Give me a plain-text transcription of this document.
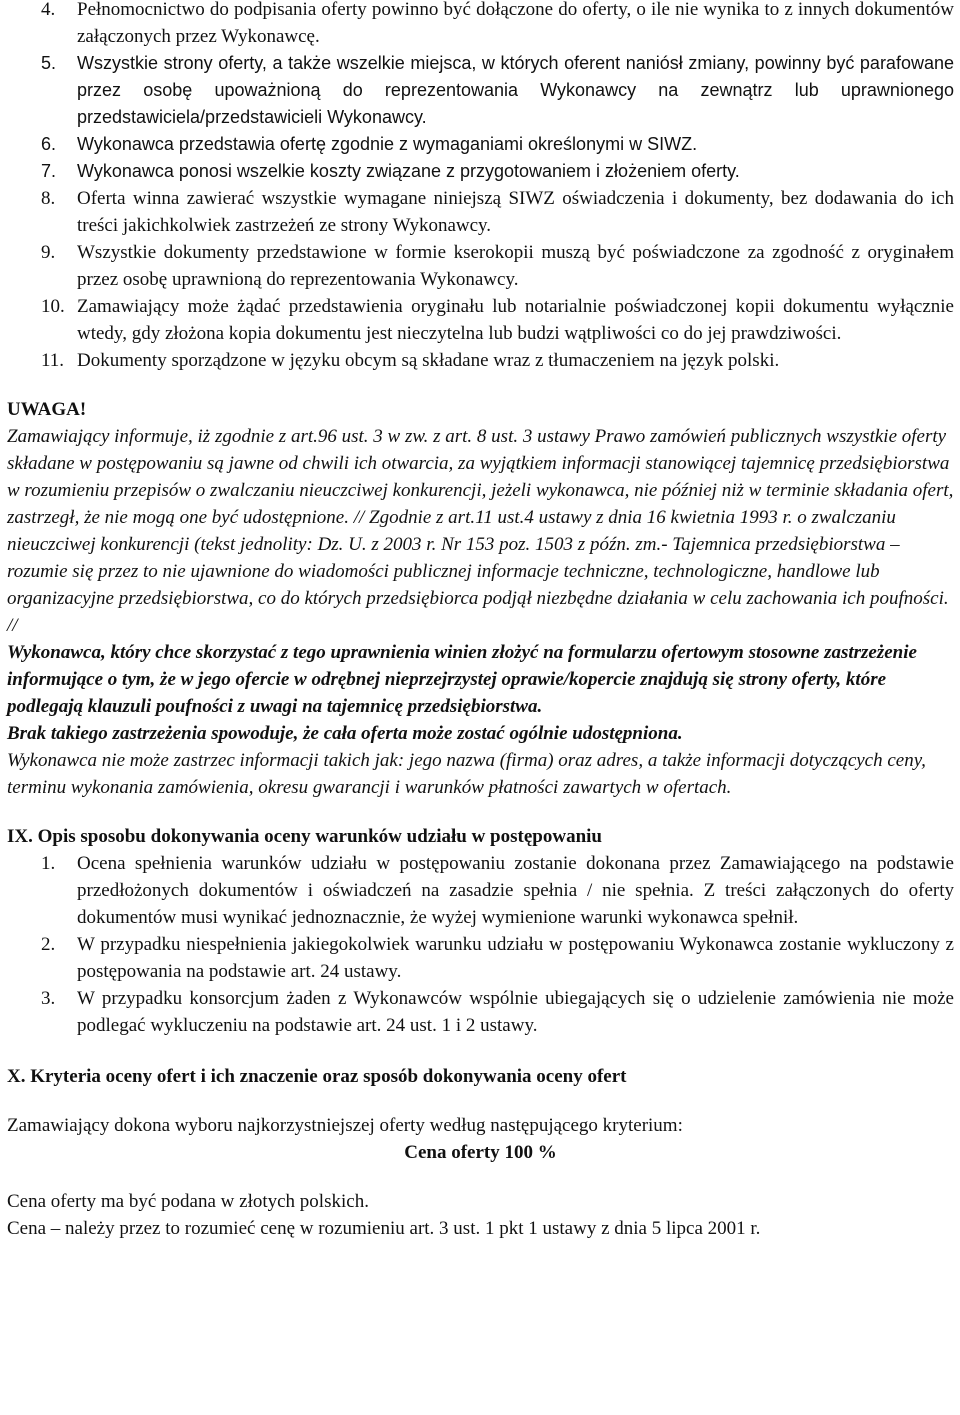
4. Pełnomocnictwo do podpisania oferty powinno być dołączone do oferty, o ile nie wynika to z innych dokumentów załączonych przez Wykonawcę.
5. Wszystkie strony oferty, a także wszelkie miejsca, w których oferent naniósł zmiany, powinny być parafowane przez osobę upoważnioną do reprezentowania Wykonawcy na zewnątrz lub uprawnionego przedstawiciela/przedstawicieli Wykonawcy.
6. Wykonawca przedstawia ofertę zgodnie z wymaganiami określonymi w SIWZ.
7. Wykonawca ponosi wszelkie koszty związane z przygotowaniem i złożeniem oferty.
8. Oferta winna zawierać wszystkie wymagane niniejszą SIWZ oświadczenia i dokumenty, bez dodawania do ich treści jakichkolwiek zastrzeżeń ze strony Wykonawcy.
9. Wszystkie dokumenty przedstawione w formie kserokopii muszą być poświadczone za zgodność z oryginałem przez osobę uprawnioną do reprezentowania Wykonawcy.
10. Zamawiający może żądać przedstawienia oryginału lub notarialnie poświadczonej kopii dokumentu wyłącznie wtedy, gdy złożona kopia dokumentu jest nieczytelna lub budzi wątpliwości co do jej prawdziwości.
11. Dokumenty sporządzone w języku obcym są składane wraz z tłumaczeniem na język polski.

UWAGA!

Zamawiający informuje, iż zgodnie z art.96 ust. 3 w zw. z art. 8 ust. 3 ustawy Prawo zamówień publicznych wszystkie oferty składane w postępowaniu są jawne od chwili ich otwarcia, za wyjątkiem informacji stanowiącej tajemnicę przedsiębiorstwa w rozumieniu przepisów o zwalczaniu nieuczciwej konkurencji, jeżeli wykonawca, nie później niż w terminie składania ofert, zastrzegł, że nie mogą one być udostępnione. // Zgodnie z art.11 ust.4 ustawy z dnia 16 kwietnia 1993 r. o zwalczaniu nieuczciwej konkurencji (tekst jednolity: Dz. U. z 2003 r. Nr 153 poz. 1503 z późn. zm.- Tajemnica przedsiębiorstwa – rozumie się przez to nie ujawnione do wiadomości publicznej informacje techniczne, technologiczne, handlowe lub organizacyjne przedsiębiorstwa, co do których przedsiębiorca podjął niezbędne działania w celu zachowania ich poufności. //

Wykonawca, który chce skorzystać z tego uprawnienia winien złożyć na formularzu ofertowym stosowne zastrzeżenie informujące o tym, że w jego ofercie w odrębnej nieprzejrzystej oprawie/kopercie znajdują się strony oferty, które podlegają klauzuli poufności z uwagi na tajemnicę przedsiębiorstwa.

Brak takiego zastrzeżenia spowoduje, że cała oferta może zostać ogólnie udostępniona.

Wykonawca nie może zastrzec informacji takich jak: jego nazwa (firma) oraz adres, a także informacji dotyczących ceny, terminu wykonania zamówienia, okresu gwarancji i warunków płatności zawartych w ofertach.

IX. Opis sposobu dokonywania oceny warunków udziału w postępowaniu
1. Ocena spełnienia warunków udziału w postępowaniu zostanie dokonana przez Zamawiającego na podstawie przedłożonych dokumentów i oświadczeń na zasadzie spełnia / nie spełnia. Z treści załączonych do oferty dokumentów musi wynikać jednoznacznie, że wyżej wymienione warunki wykonawca spełnił.
2. W przypadku niespełnienia jakiegokolwiek warunku udziału w postępowaniu Wykonawca zostanie wykluczony z postępowania na podstawie art. 24 ustawy.
3. W przypadku konsorcjum żaden z Wykonawców wspólnie ubiegających się o udzielenie zamówienia nie może podlegać wykluczeniu na podstawie art. 24 ust. 1 i 2 ustawy.
X. Kryteria oceny ofert i ich znaczenie oraz sposób dokonywania oceny ofert

Zamawiający dokona wyboru najkorzystniejszej oferty według następującego kryterium:

Cena oferty 100 %

Cena oferty ma być podana w złotych polskich.

Cena – należy przez to rozumieć cenę w rozumieniu art. 3 ust. 1 pkt 1 ustawy z dnia 5 lipca 2001 r.
